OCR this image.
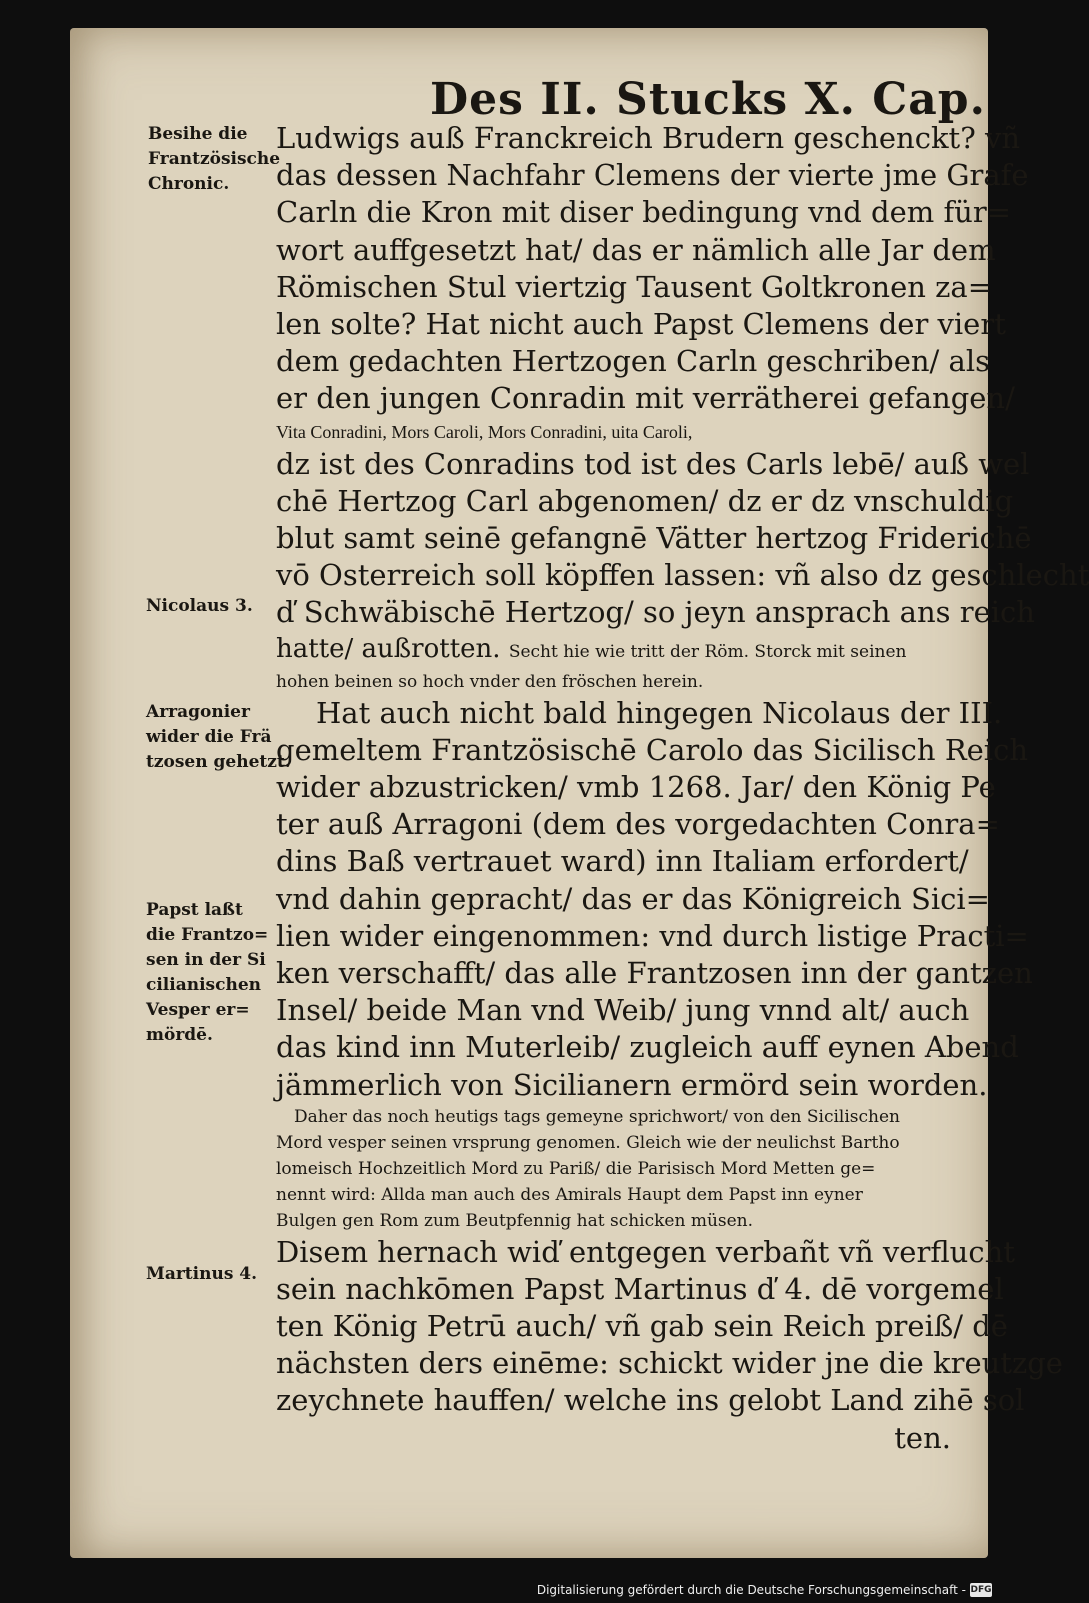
Des II. Stucks X. Cap.
Besihe die
Frantzösische
Chronic.
Nicolaus 3.
Arragonier
wider die Frä
tzosen gehetzt.
Papst laßt
die Frantzo=
sen in der Si
cilianischen
Vesper er=
mördē.
Martinus 4.
Ludwigs auß Franckreich Brudern geschenckt? vñ
das dessen Nachfahr Clemens der vierte jme Grafe
Carln die Kron mit diser bedingung vnd dem für=
wort auffgesetzt hat/ das er nämlich alle Jar dem
Römischen Stul viertzig Tausent Goltkronen za=
len solte? Hat nicht auch Papst Clemens der viert
dem gedachten Hertzogen Carln geschriben/ als
er den jungen Conradin mit verrätherei gefangen/
Vita Conradini, Mors Caroli, Mors Conradini, uita Caroli,
dz ist des Conradins tod ist des Carls lebē/ auß wel
chē Hertzog Carl abgenomen/ dz er dz vnschuldig
blut samt seinē gefangnē Vätter hertzog Friderichē
vō Osterreich soll köpffen lassen: vñ also dz geschlecht
ď Schwäbischē Hertzog/ so jeyn ansprach ans reich
hatte/ außrotten. Secht hie wie tritt der Röm. Storck mit seinen
hohen beinen so hoch vnder den fröschen herein.
Hat auch nicht bald hingegen Nicolaus der III.
gemeltem Frantzösischē Carolo das Sicilisch Reich
wider abzustricken/ vmb 1268. Jar/ den König Pe
ter auß Arragoni (dem des vorgedachten Conra=
dins Baß vertrauet ward) inn Italiam erfordert/
vnd dahin gepracht/ das er das Königreich Sici=
lien wider eingenommen: vnd durch listige Practi=
ken verschafft/ das alle Frantzosen inn der gantzen
Insel/ beide Man vnd Weib/ jung vnnd alt/ auch
das kind inn Muterleib/ zugleich auff eynen Abend
jämmerlich von Sicilianern ermörd sein worden.
Daher das noch heutigs tags gemeyne sprichwort/ von den Sicilischen
Mord vesper seinen vrsprung genomen. Gleich wie der neulichst Bartho
lomeisch Hochzeitlich Mord zu Pariß/ die Parisisch Mord Metten ge=
nennt wird: Allda man auch des Amirals Haupt dem Papst inn eyner
Bulgen gen Rom zum Beutpfennig hat schicken müsen.
Disem hernach wiď entgegen verbañt vñ verflucht
sein nachkōmen Papst Martinus ď 4. dē vorgemel
ten König Petrū auch/ vñ gab sein Reich preiß/ dē
nächsten ders einēme: schickt wider jne die kreutzge
zeychnete hauffen/ welche ins gelobt Land zihē sol
ten.
Digitalisierung gefördert durch die Deutsche Forschungsgemeinschaft - DFG
